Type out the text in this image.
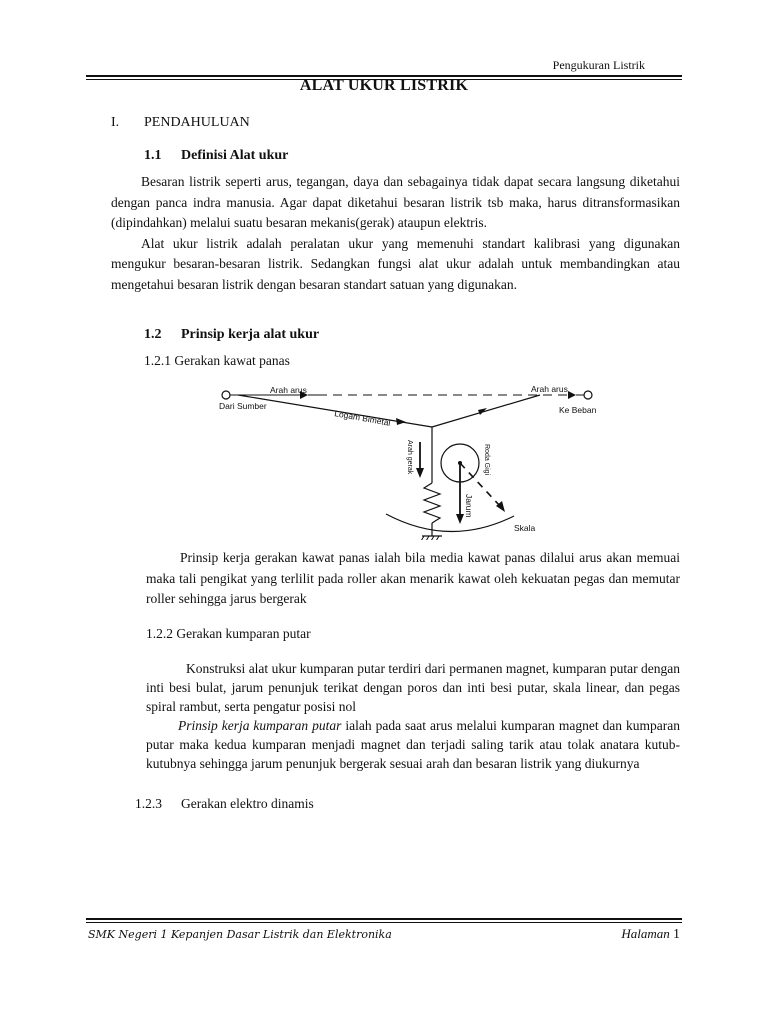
Pengukuran Listrik
ALAT UKUR LISTRIK
I. PENDAHULUAN
1.1 Definisi Alat ukur

Besaran listrik seperti arus, tegangan, daya dan sebagainya tidak dapat secara langsung diketahui dengan panca indra manusia. Agar dapat diketahui besaran listrik tsb maka, harus ditransformasikan (dipindahkan) melalui suatu besaran mekanis(gerak) ataupun elektris.

Alat ukur listrik adalah peralatan ukur yang memenuhi standart kalibrasi yang digunakan mengukur besaran-besaran listrik. Sedangkan fungsi alat ukur adalah untuk membandingkan atau mengetahui besaran listrik dengan besaran standart satuan yang digunakan.

1.2 Prinsip kerja alat ukur
1.2.1 Gerakan kawat panas
Arah arus
Dari Sumber
Logam Bimetal
Arah arus
Ke Beban
Arah gerak	Roda Gigi
Jarum
Skala

Prinsip kerja gerakan kawat panas ialah bila media kawat panas dilalui arus akan memuai maka tali pengikat yang terlilit pada roller akan menarik kawat oleh kekuatan pegas dan memutar roller sehingga jarus bergerak

1.2.2 Gerakan kumparan putar

Konstruksi alat ukur kumparan putar terdiri dari permanen magnet, kumparan putar dengan inti besi bulat, jarum penunjuk terikat dengan poros dan inti besi putar, skala linear, dan pegas spiral rambut, serta pengatur posisi nol

Prinsip kerja kumparan putar ialah pada saat arus melalui kumparan magnet dan kumparan putar maka kedua kumparan menjadi magnet dan terjadi saling tarik atau tolak anatara kutub-kutubnya sehingga jarum penunjuk bergerak sesuai arah dan besaran listrik yang diukurnya

1.2.3 Gerakan elektro dinamis
SMK Negeri 1 Kepanjen Dasar Listrik dan Elektronika	Halaman 1
